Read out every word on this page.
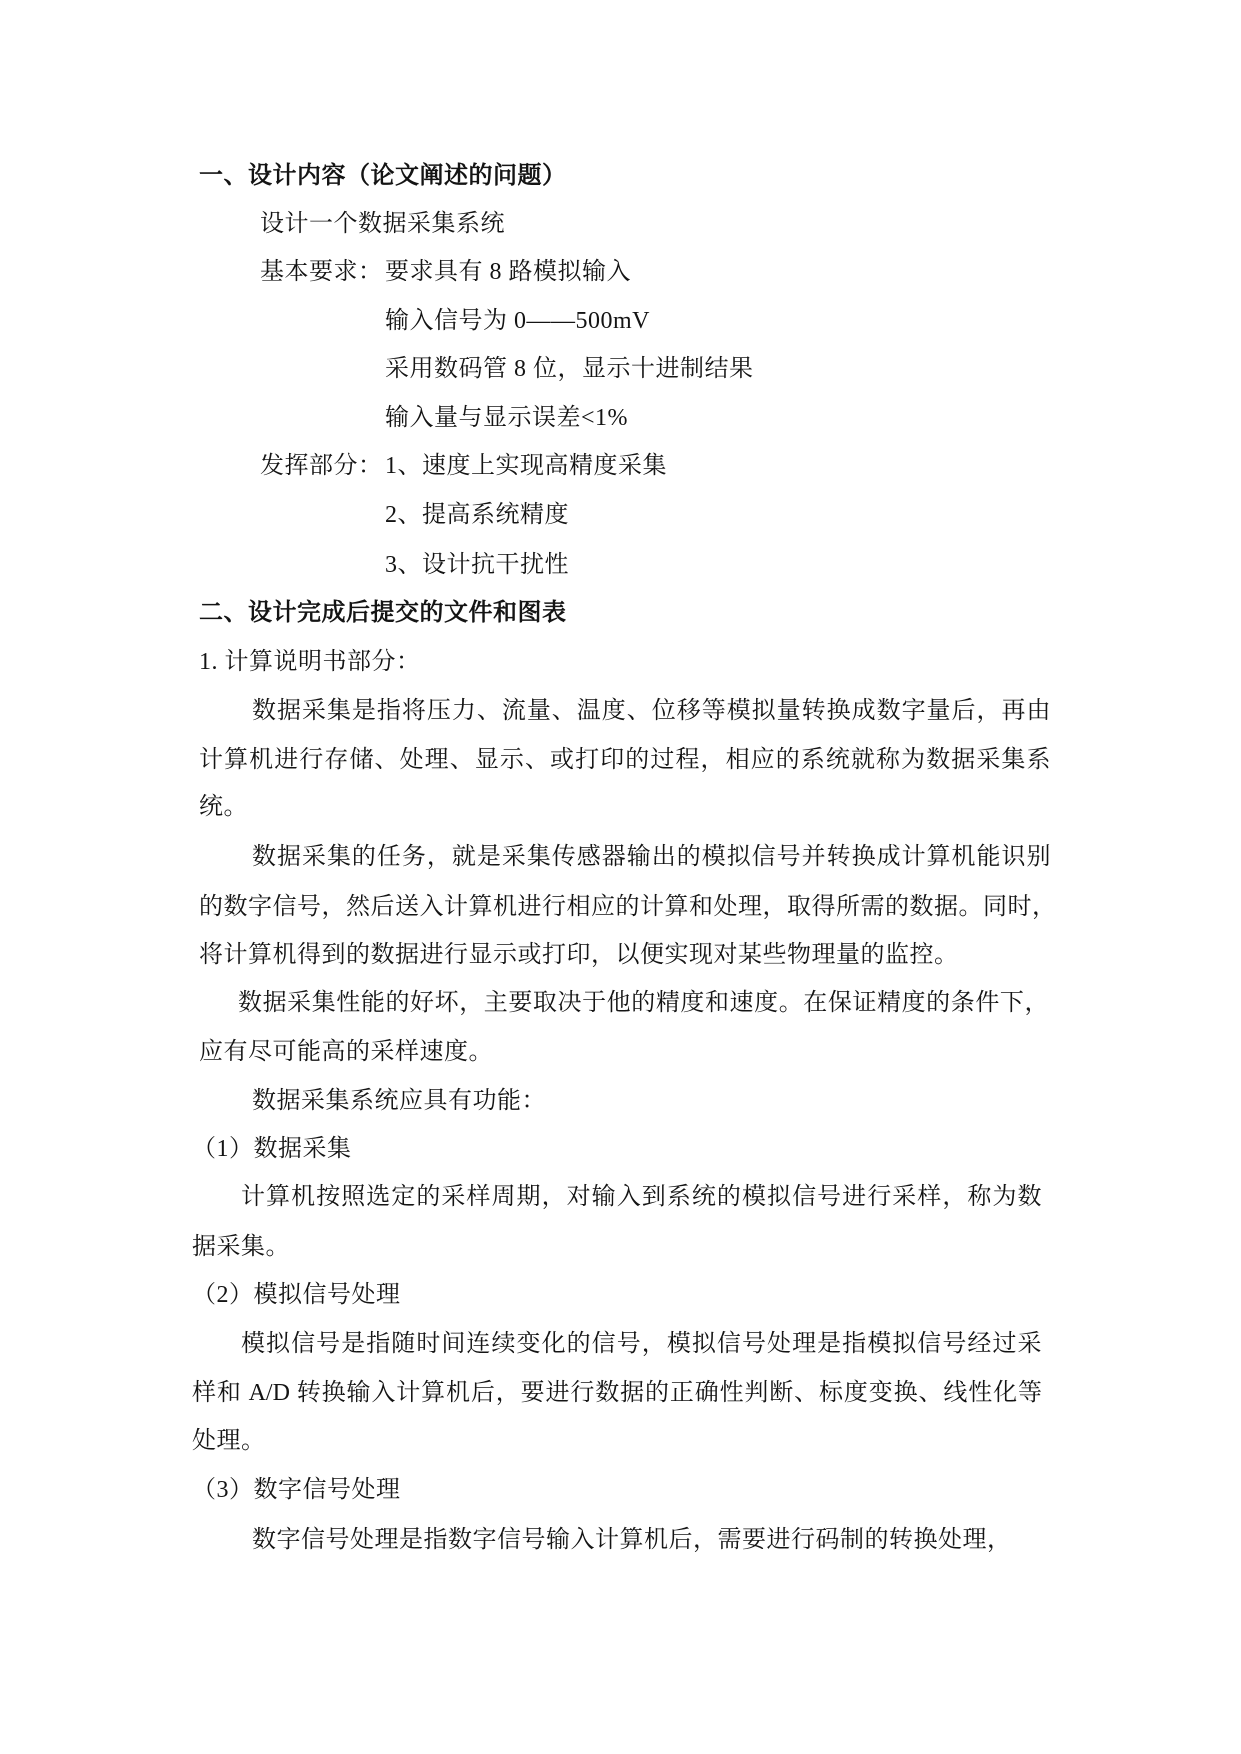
一、设计内容（论文阐述的问题）
设计一个数据采集系统
基本要求： 要求具有 8 路模拟输入
输入信号为 0——500mV
采用数码管 8 位，显示十进制结果
输入量与显示误差<1%
发挥部分： 1、速度上实现高精度采集
2、提高系统精度
3、设计抗干扰性
二、设计完成后提交的文件和图表
1. 计算说明书部分：
数据采集是指将压力、流量、温度、位移等模拟量转换成数字量后，再由
计算机进行存储、处理、显示、或打印的过程，相应的系统就称为数据采集系
统。
数据采集的任务，就是采集传感器输出的模拟信号并转换成计算机能识别
的数字信号，然后送入计算机进行相应的计算和处理，取得所需的数据。同时，
将计算机得到的数据进行显示或打印，以便实现对某些物理量的监控。
数据采集性能的好坏，主要取决于他的精度和速度。在保证精度的条件下，
应有尽可能高的采样速度。
数据采集系统应具有功能：
（1）数据采集
计算机按照选定的采样周期，对输入到系统的模拟信号进行采样，称为数
据采集。
（2）模拟信号处理
模拟信号是指随时间连续变化的信号，模拟信号处理是指模拟信号经过采
样和 A/D 转换输入计算机后，要进行数据的正确性判断、标度变换、线性化等
处理。
（3）数字信号处理
数字信号处理是指数字信号输入计算机后，需要进行码制的转换处理，
